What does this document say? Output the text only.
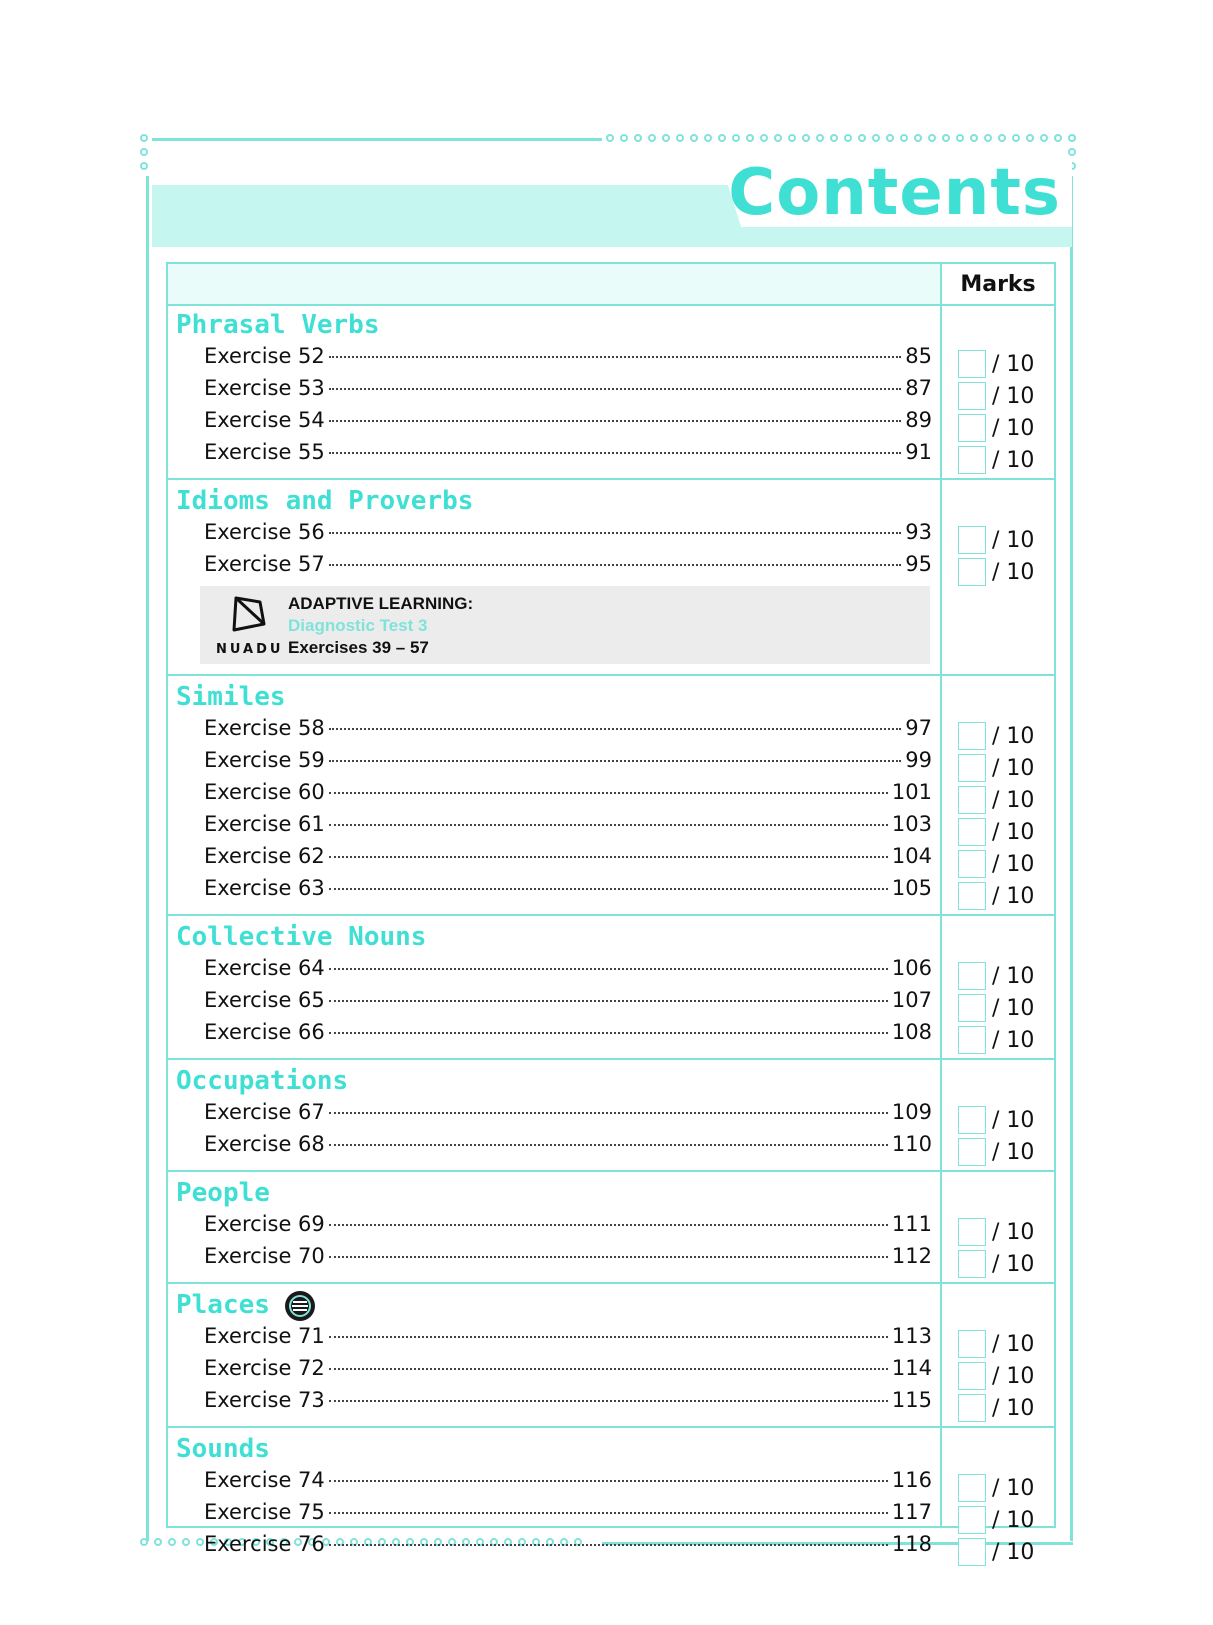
Contents
Marks
Phrasal Verbs
Exercise 52	85	/ 10
Exercise 53	87	/ 10
Exercise 54	89	/ 10
Exercise 55	91	/ 10
Idioms and Proverbs
Exercise 56	93	/ 10
Exercise 57	95	/ 10
NUADU
ADAPTIVE LEARNING:
Diagnostic Test 3
Exercises 39 – 57
Similes
Exercise 58	97	/ 10
Exercise 59	99	/ 10
Exercise 60	101	/ 10
Exercise 61	103	/ 10
Exercise 62	104	/ 10
Exercise 63	105	/ 10
Collective Nouns
Exercise 64	106	/ 10
Exercise 65	107	/ 10
Exercise 66	108	/ 10
Occupations
Exercise 67	109	/ 10
Exercise 68	110	/ 10
People
Exercise 69	111	/ 10
Exercise 70	112	/ 10
Places
Exercise 71	113	/ 10
Exercise 72	114	/ 10
Exercise 73	115	/ 10
Sounds
Exercise 74	116	/ 10
Exercise 75	117	/ 10
Exercise 76	118	/ 10
